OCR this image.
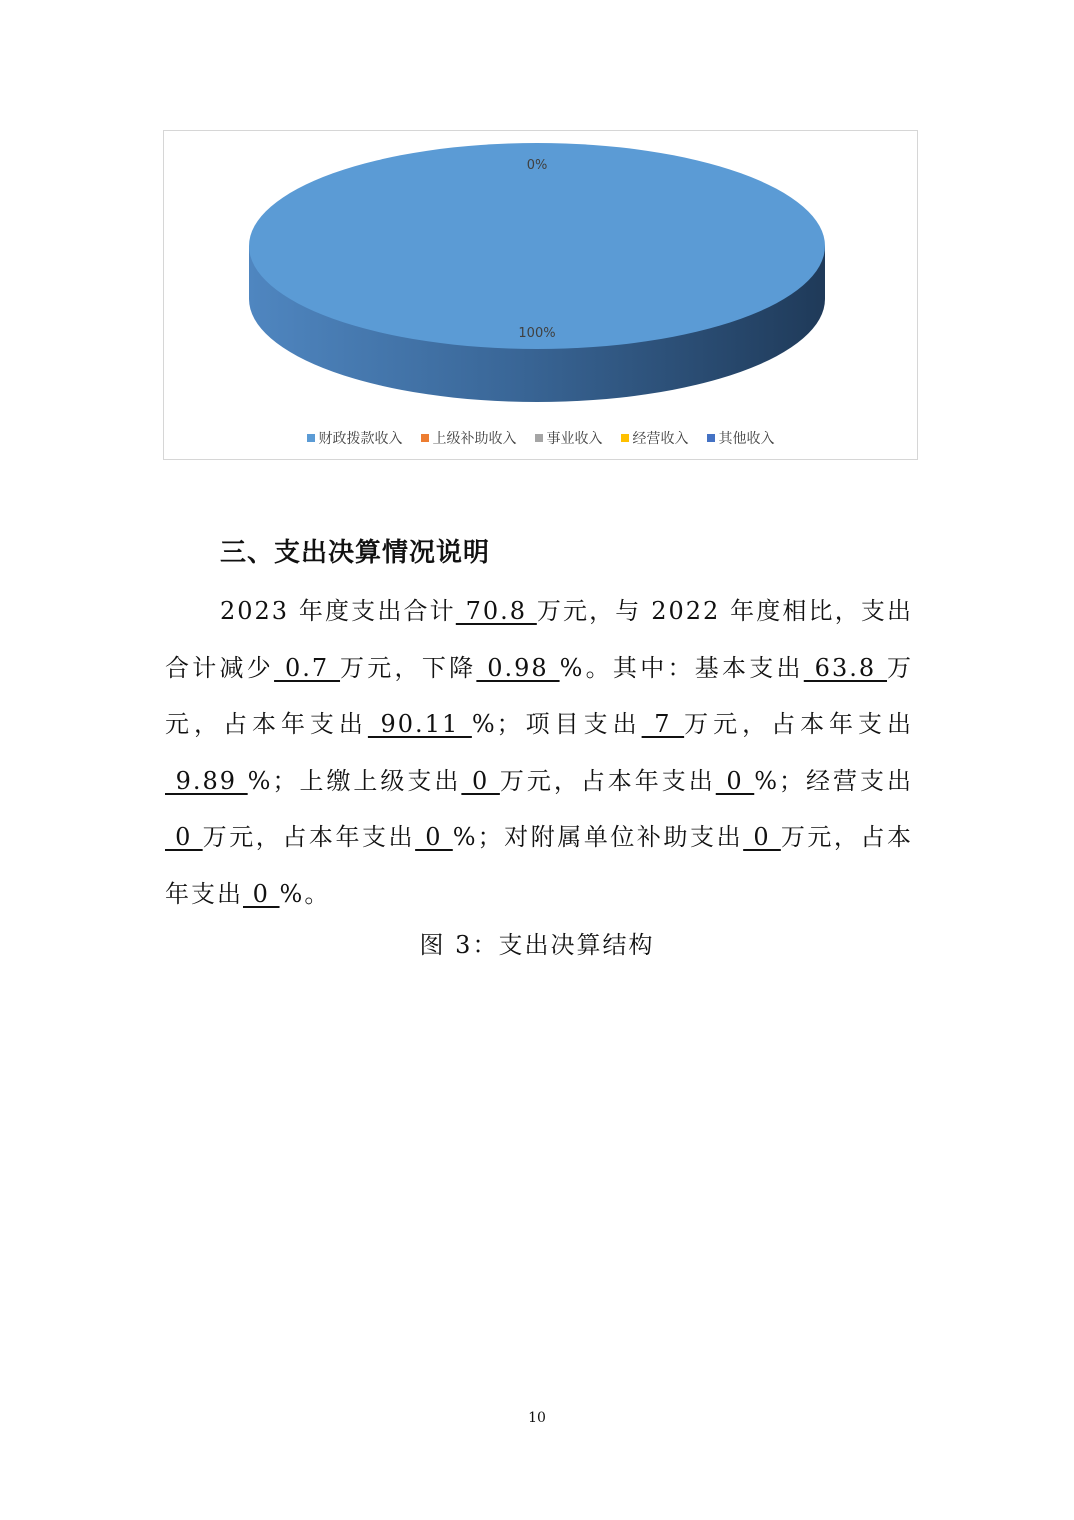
0%
100%
财政拨款收入 上级补助收入 事业收入 经营收入 其他收入
三、支出决算情况说明
2023 年度支出合计 70.8 万元，与 2022 年度相比，支出合计减少 0.7 万元，下降 0.98 %。其中：基本支出 63.8 万元，占本年支出 90.11 %；项目支出 7 万元，占本年支出 9.89 %；上缴上级支出 0 万元，占本年支出 0 %；经营支出 0 万元，占本年支出 0 %；对附属单位补助支出 0 万元，占本年支出 0 %。
图 3：支出决算结构
10
